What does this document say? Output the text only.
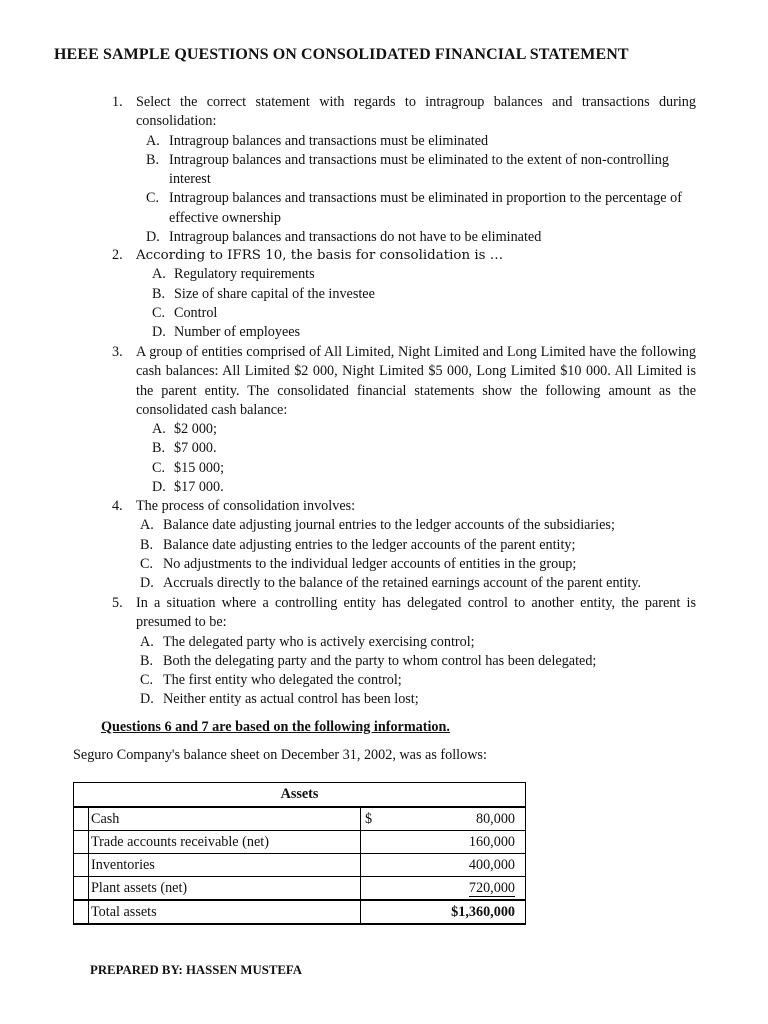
HEEE SAMPLE QUESTIONS ON CONSOLIDATED FINANCIAL STATEMENT
1. Select the correct statement with regards to intragroup balances and transactions during consolidation:
A. Intragroup balances and transactions must be eliminated
B. Intragroup balances and transactions must be eliminated to the extent of non-controlling interest
C. Intragroup balances and transactions must be eliminated in proportion to the percentage of effective ownership
D. Intragroup balances and transactions do not have to be eliminated
2. According to IFRS 10, the basis for consolidation is …
A. Regulatory requirements
B. Size of share capital of the investee
C. Control
D. Number of employees
3. A group of entities comprised of All Limited, Night Limited and Long Limited have the following cash balances: All Limited $2 000, Night Limited $5 000, Long Limited $10 000. All Limited is the parent entity. The consolidated financial statements show the following amount as the consolidated cash balance:
A. $2 000;
B. $7 000.
C. $15 000;
D. $17 000.
4. The process of consolidation involves:
A. Balance date adjusting journal entries to the ledger accounts of the subsidiaries;
B. Balance date adjusting entries to the ledger accounts of the parent entity;
C. No adjustments to the individual ledger accounts of entities in the group;
D. Accruals directly to the balance of the retained earnings account of the parent entity.
5. In a situation where a controlling entity has delegated control to another entity, the parent is presumed to be:
A. The delegated party who is actively exercising control;
B. Both the delegating party and the party to whom control has been delegated;
C. The first entity who delegated the control;
D. Neither entity as actual control has been lost;
Questions 6 and 7 are based on the following information.
Seguro Company's balance sheet on December 31, 2002, was as follows:
Assets		
	Cash	$ 80,000
	Trade accounts receivable (net)	160,000
	Inventories	400,000
	Plant assets (net)	720,000
	Total assets	$1,360,000
PREPARED BY: HASSEN MUSTEFA
